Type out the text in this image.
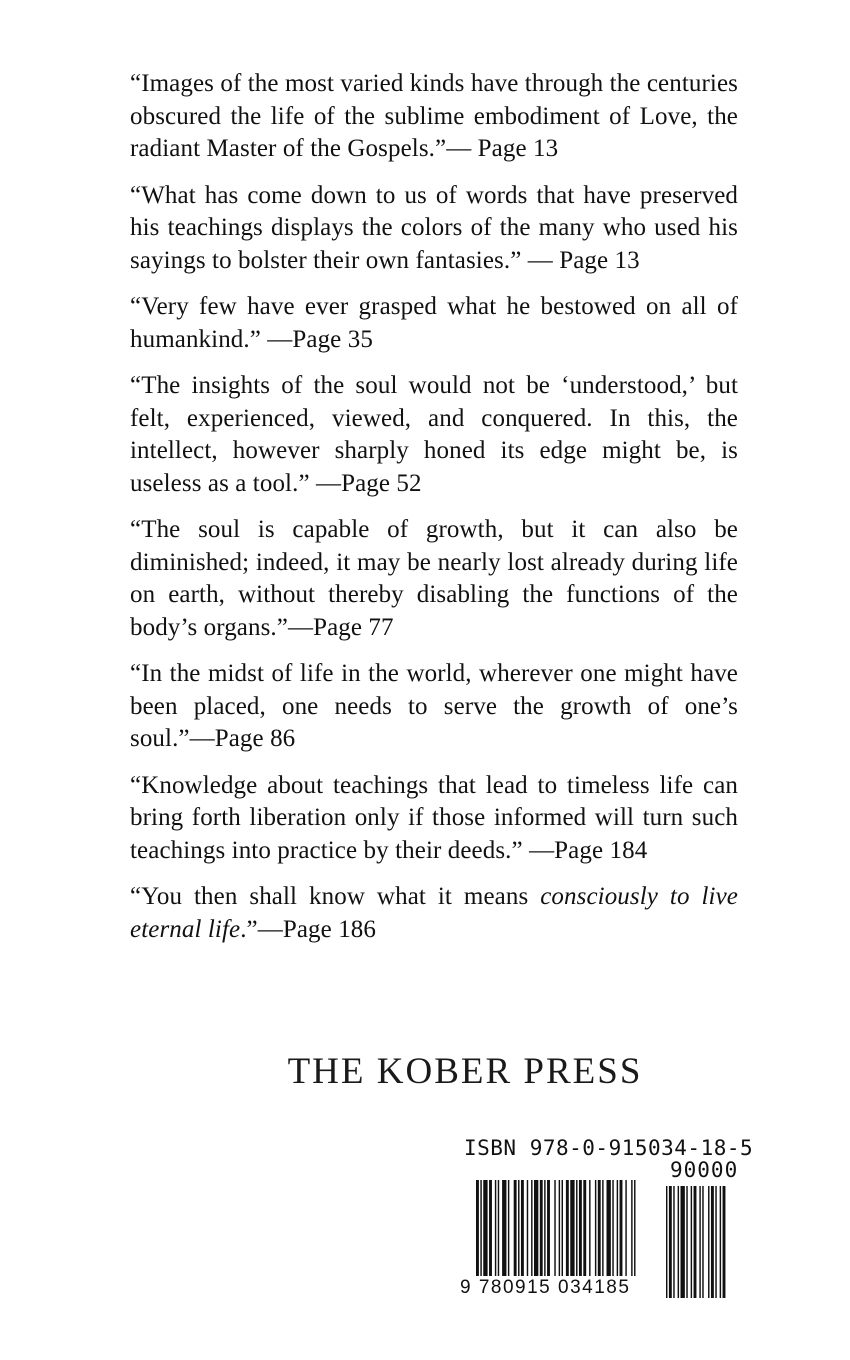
“Images of the most varied kinds have through the centuries obscured the life of the sublime embodiment of Love, the radiant Master of the Gospels.”— Page 13

“What has come down to us of words that have preserved his teachings displays the colors of the many who used his sayings to bolster their own fantasies.” — Page 13

“Very few have ever grasped what he bestowed on all of humankind.” —Page 35

“The insights of the soul would not be ‘understood,’ but felt, experienced, viewed, and conquered. In this, the intellect, however sharply honed its edge might be, is useless as a tool.” —Page 52

“The soul is capable of growth, but it can also be diminished; indeed, it may be nearly lost already during life on earth, without thereby disabling the functions of the body’s organs.”—Page 77

“In the midst of life in the world, wherever one might have been placed, one needs to serve the growth of one’s soul.”—Page 86

“Knowledge about teachings that lead to timeless life can bring forth liberation only if those informed will turn such teachings into practice by their deeds.” —Page 184

“You then shall know what it means consciously to live eternal life.”—Page 186

THE KOBER PRESS
ISBN 978-0-915034-18-5
90000
9 780915 034185
